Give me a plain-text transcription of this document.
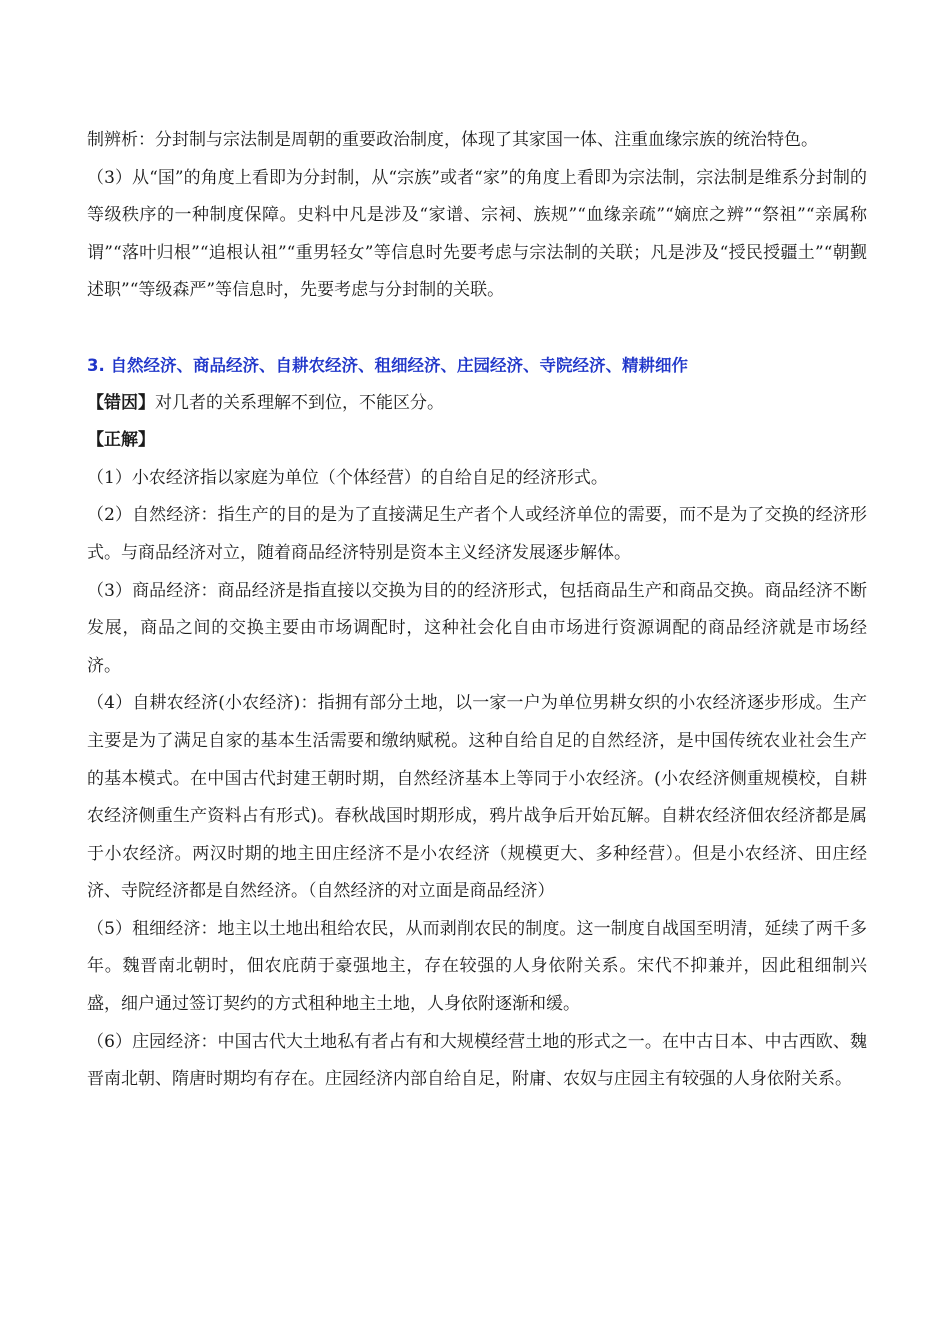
制辨析：分封制与宗法制是周朝的重要政治制度，体现了其家国一体、注重血缘宗族的统治特色。

（3）从“国”的角度上看即为分封制，从“宗族”或者“家”的角度上看即为宗法制，宗法制是维系分封制的等级秩序的一种制度保障。史料中凡是涉及“家谱、宗祠、族规”“血缘亲疏”“嫡庶之辨”“祭祖”“亲属称谓”“落叶归根”“追根认祖”“重男轻女”等信息时先要考虑与宗法制的关联；凡是涉及“授民授疆土”“朝觐述职”“等级森严”等信息时，先要考虑与分封制的关联。

3. 自然经济、商品经济、自耕农经济、租细经济、庄园经济、寺院经济、精耕细作

【错因】对几者的关系理解不到位，不能区分。

【正解】

（1）小农经济指以家庭为单位（个体经营）的自给自足的经济形式。

（2）自然经济：指生产的目的是为了直接满足生产者个人或经济单位的需要，而不是为了交换的经济形式。与商品经济对立，随着商品经济特别是资本主义经济发展逐步解体。

（3）商品经济：商品经济是指直接以交换为目的的经济形式，包括商品生产和商品交换。商品经济不断发展，商品之间的交换主要由市场调配时，这种社会化自由市场进行资源调配的商品经济就是市场经济。

（4）自耕农经济(小农经济)：指拥有部分土地，以一家一户为单位男耕女织的小农经济逐步形成。生产主要是为了满足自家的基本生活需要和缴纳赋税。这种自给自足的自然经济，是中国传统农业社会生产的基本模式。在中国古代封建王朝时期，自然经济基本上等同于小农经济。(小农经济侧重规模校，自耕农经济侧重生产资料占有形式)。春秋战国时期形成，鸦片战争后开始瓦解。自耕农经济佃农经济都是属于小农经济。两汉时期的地主田庄经济不是小农经济（规模更大、多种经营）。但是小农经济、田庄经济、寺院经济都是自然经济。（自然经济的对立面是商品经济）

（5）租细经济：地主以土地出租给农民，从而剥削农民的制度。这一制度自战国至明清，延续了两千多年。魏晋南北朝时，佃农庇荫于豪强地主，存在较强的人身依附关系。宋代不抑兼并，因此租细制兴盛，细户通过签订契约的方式租种地主土地，人身依附逐渐和缓。

（6）庄园经济：中国古代大土地私有者占有和大规模经营土地的形式之一。在中古日本、中古西欧、魏晋南北朝、隋唐时期均有存在。庄园经济内部自给自足，附庸、农奴与庄园主有较强的人身依附关系。
